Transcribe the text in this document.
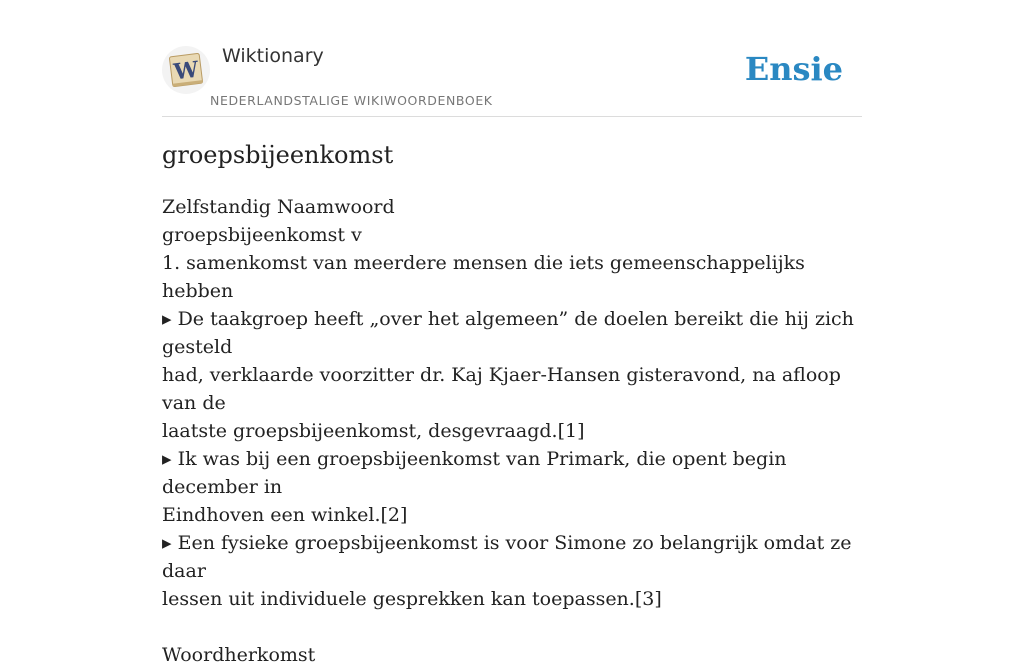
W
Wiktionary
NEDERLANDSTALIGE WIKIWOORDENBOEK
Ensie
groepsbijeenkomst
Zelfstandig Naamwoord
groepsbijeenkomst v
1. samenkomst van meerdere mensen die iets gemeenschappelijks hebben
▸ De taakgroep heeft „over het algemeen” de doelen bereikt die hij zich gesteld
had, verklaarde voorzitter dr. Kaj Kjaer-Hansen gisteravond, na afloop van de
laatste groepsbijeenkomst, desgevraagd.[1]
▸ Ik was bij een groepsbijeenkomst van Primark, die opent begin december in
Eindhoven een winkel.[2]
▸ Een fysieke groepsbijeenkomst is voor Simone zo belangrijk omdat ze daar
lessen uit individuele gesprekken kan toepassen.[3]
Woordherkomst
